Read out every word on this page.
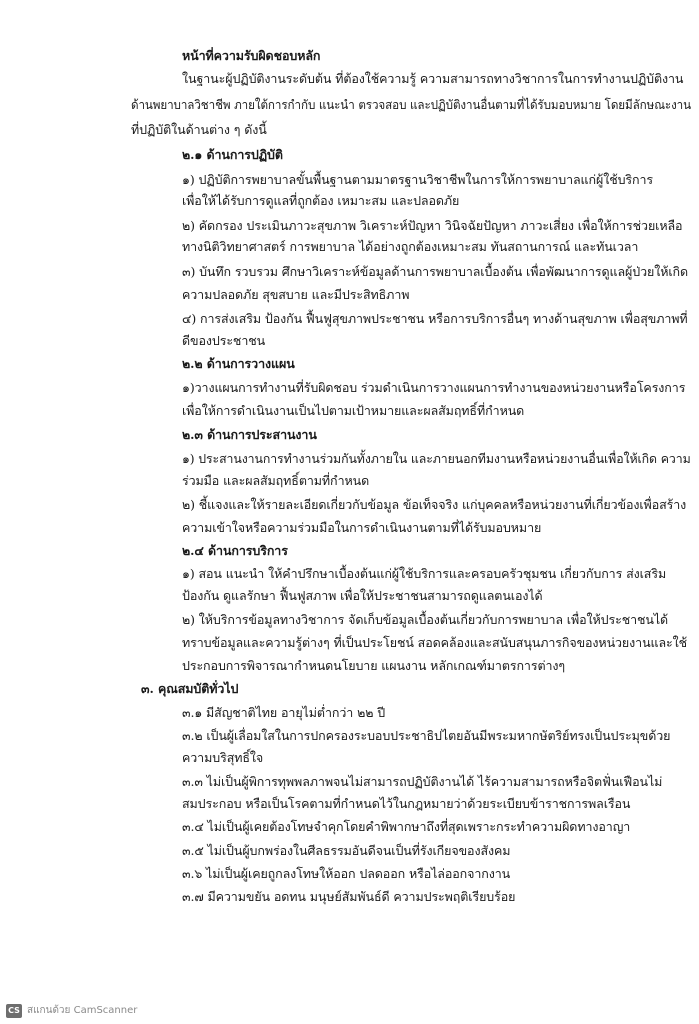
หน้าที่ความรับผิดชอบหลัก
ในฐานะผู้ปฏิบัติงานระดับต้น ที่ต้องใช้ความรู้ ความสามารถทางวิชาการในการทำงานปฏิบัติงาน
ด้านพยาบาลวิชาชีพ ภายใต้การกำกับ แนะนำ ตรวจสอบ และปฏิบัติงานอื่นตามที่ได้รับมอบหมาย โดยมีลักษณะงาน
ที่ปฏิบัติในด้านต่าง ๆ ดังนี้
๒.๑ ด้านการปฏิบัติ
๑) ปฏิบัติการพยาบาลขั้นพื้นฐานตามมาตรฐานวิชาชีพในการให้การพยาบาลแก่ผู้ใช้บริการ
เพื่อให้ได้รับการดูแลที่ถูกต้อง เหมาะสม และปลอดภัย
๒) คัดกรอง ประเมินภาวะสุขภาพ วิเคราะห์ปัญหา วินิจฉัยปัญหา ภาวะเสี่ยง เพื่อให้การช่วยเหลือ
ทางนิติวิทยาศาสตร์ การพยาบาล ได้อย่างถูกต้องเหมาะสม ทันสถานการณ์ และทันเวลา
๓) บันทึก รวบรวม ศึกษาวิเคราะห์ข้อมูลด้านการพยาบาลเบื้องต้น เพื่อพัฒนาการดูแลผู้ป่วยให้เกิด
ความปลอดภัย สุขสบาย และมีประสิทธิภาพ
๔) การส่งเสริม ป้องกัน ฟื้นฟูสุขภาพประชาชน หรือการบริการอื่นๆ ทางด้านสุขภาพ เพื่อสุขภาพที่
ดีของประชาชน
๒.๒ ด้านการวางแผน
๑)วางแผนการทำงานที่รับผิดชอบ ร่วมดำเนินการวางแผนการทำงานของหน่วยงานหรือโครงการ
เพื่อให้การดำเนินงานเป็นไปตามเป้าหมายและผลสัมฤทธิ์ที่กำหนด
๒.๓ ด้านการประสานงาน
๑) ประสานงานการทำงานร่วมกันทั้งภายใน และภายนอกทีมงานหรือหน่วยงานอื่นเพื่อให้เกิด ความ
ร่วมมือ และผลสัมฤทธิ์ตามที่กำหนด
๒) ชี้แจงและให้รายละเอียดเกี่ยวกับข้อมูล ข้อเท็จจริง แก่บุคคลหรือหน่วยงานที่เกี่ยวข้องเพื่อสร้าง
ความเข้าใจหรือความร่วมมือในการดำเนินงานตามที่ได้รับมอบหมาย
๒.๔ ด้านการบริการ
๑) สอน แนะนำ ให้คำปรึกษาเบื้องต้นแก่ผู้ใช้บริการและครอบครัวชุมชน เกี่ยวกับการ ส่งเสริม
ป้องกัน ดูแลรักษา ฟื้นฟูสภาพ เพื่อให้ประชาชนสามารถดูแลตนเองได้
๒) ให้บริการข้อมูลทางวิชาการ จัดเก็บข้อมูลเบื้องต้นเกี่ยวกับการพยาบาล เพื่อให้ประชาชนได้
ทราบข้อมูลและความรู้ต่างๆ ที่เป็นประโยชน์ สอดคล้องและสนับสนุนภารกิจของหน่วยงานและใช้
ประกอบการพิจารณากำหนดนโยบาย แผนงาน หลักเกณฑ์มาตรการต่างๆ
๓. คุณสมบัติทั่วไป
๓.๑ มีสัญชาติไทย อายุไม่ต่ำกว่า ๒๒ ปี
๓.๒ เป็นผู้เลื่อมใสในการปกครองระบอบประชาธิปไตยอันมีพระมหากษัตริย์ทรงเป็นประมุขด้วย
ความบริสุทธิ์ใจ
๓.๓ ไม่เป็นผู้พิการทุพพลภาพจนไม่สามารถปฏิบัติงานได้ ไร้ความสามารถหรือจิตฟั่นเฟือนไม่
สมประกอบ หรือเป็นโรคตามที่กำหนดไว้ในกฎหมายว่าด้วยระเบียบข้าราชการพลเรือน
๓.๔ ไม่เป็นผู้เคยต้องโทษจำคุกโดยคำพิพากษาถึงที่สุดเพราะกระทำความผิดทางอาญา
๓.๕ ไม่เป็นผู้บกพร่องในศีลธรรมอันดีจนเป็นที่รังเกียจของสังคม
๓.๖ ไม่เป็นผู้เคยถูกลงโทษให้ออก ปลดออก หรือไล่ออกจากงาน
๓.๗ มีความขยัน อดทน มนุษย์สัมพันธ์ดี ความประพฤติเรียบร้อย
CS สแกนด้วย CamScanner
